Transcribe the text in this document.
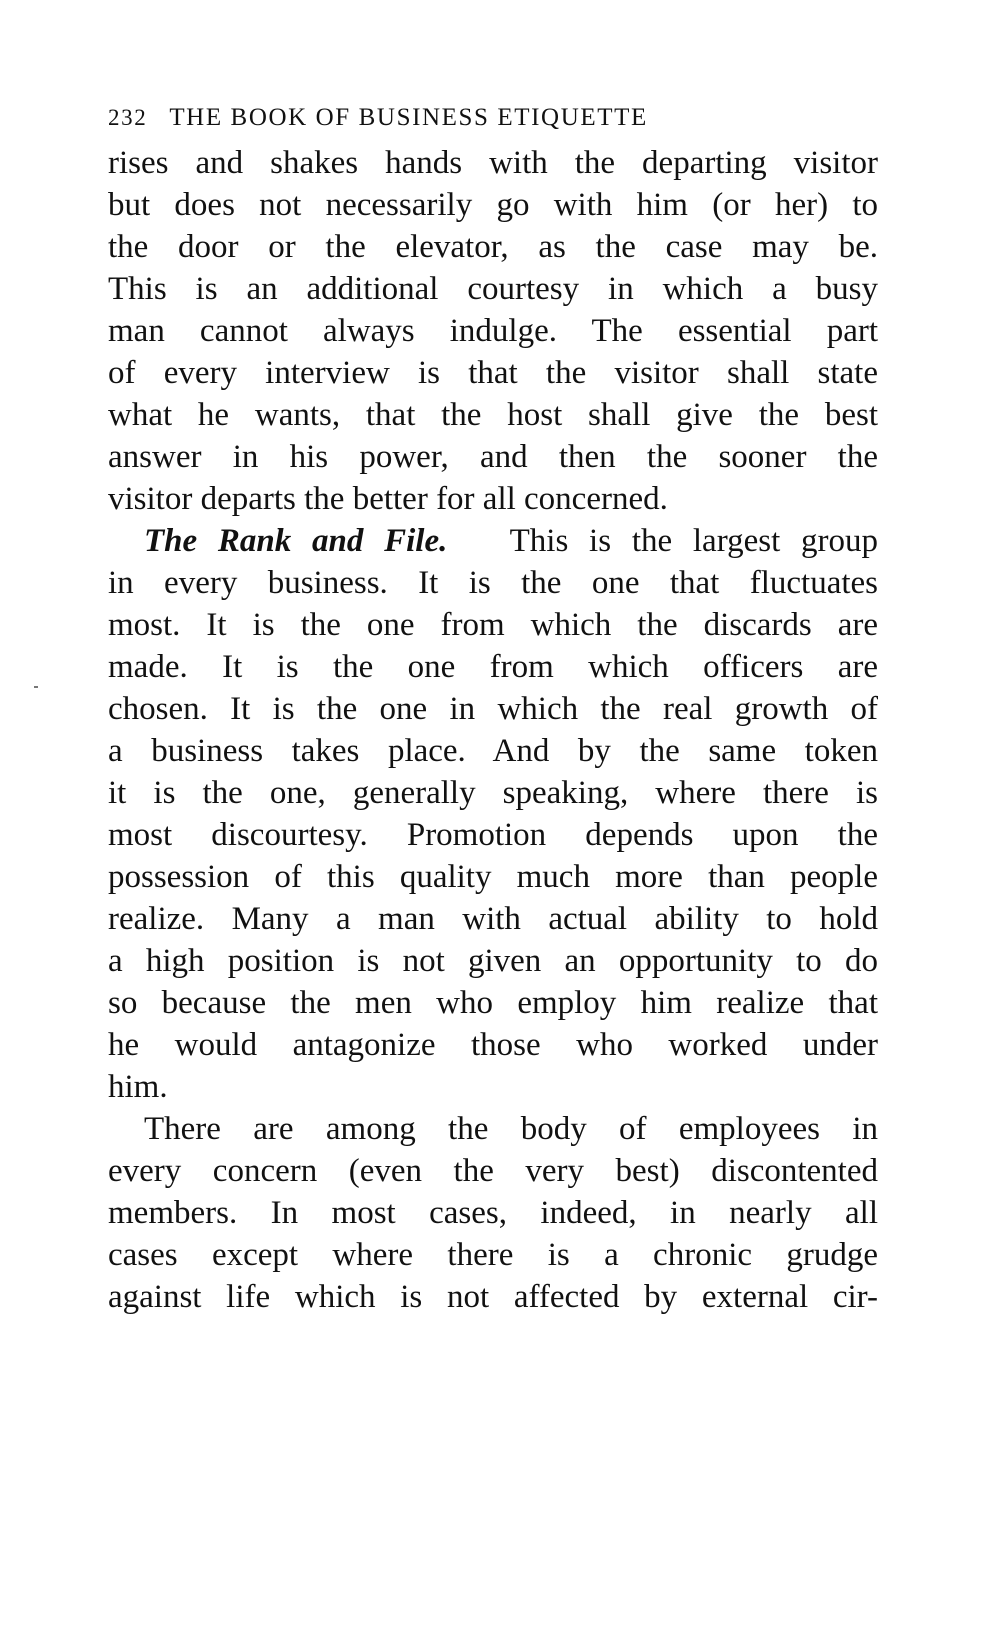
232 THE BOOK OF BUSINESS ETIQUETTE
rises and shakes hands with the departing visitor
but does not necessarily go with him (or her) to
the door or the elevator, as the case may be.
This is an additional courtesy in which a busy
man cannot always indulge. The essential part
of every interview is that the visitor shall state
what he wants, that the host shall give the best
answer in his power, and then the sooner the
visitor departs the better for all concerned.
The Rank and File. This is the largest group
in every business. It is the one that fluctuates
most. It is the one from which the discards are
made. It is the one from which officers are
chosen. It is the one in which the real growth of
a business takes place. And by the same token
it is the one, generally speaking, where there is
most discourtesy. Promotion depends upon the
possession of this quality much more than people
realize. Many a man with actual ability to hold
a high position is not given an opportunity to do
so because the men who employ him realize that
he would antagonize those who worked under
him.
There are among the body of employees in
every concern (even the very best) discontented
members. In most cases, indeed, in nearly all
cases except where there is a chronic grudge
against life which is not affected by external cir-
